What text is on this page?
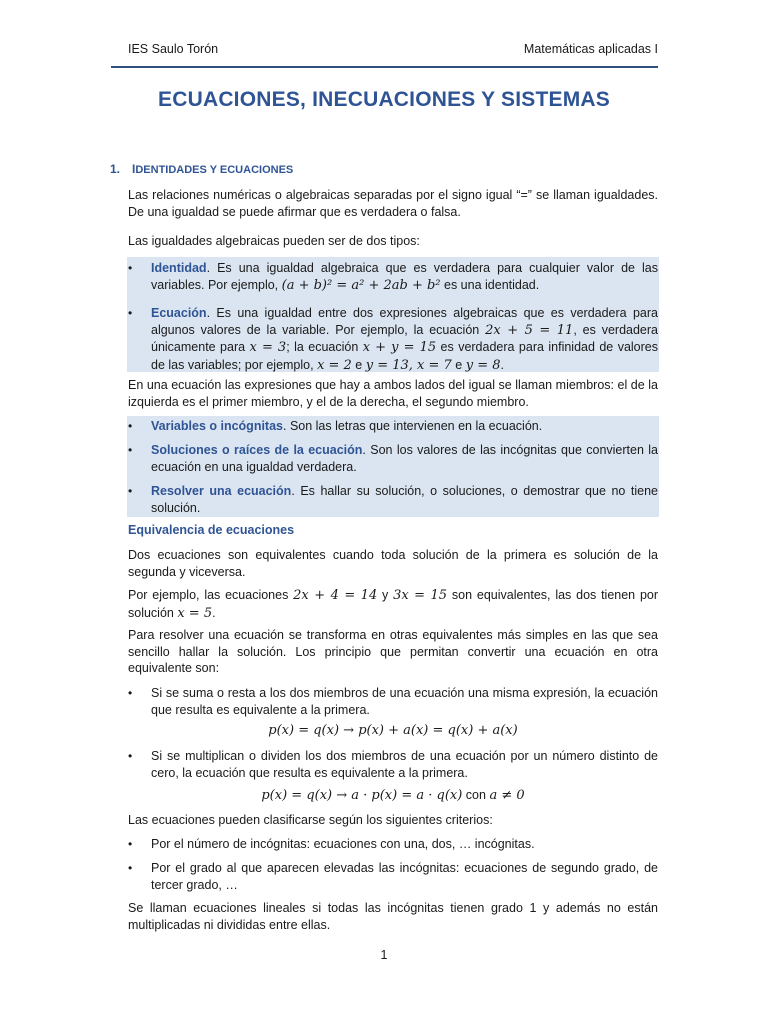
IES Saulo Torón	Matemáticas aplicadas I
ECUACIONES, INECUACIONES Y SISTEMAS
1. IDENTIDADES Y ECUACIONES

Las relaciones numéricas o algebraicas separadas por el signo igual “=” se llaman igualdades. De una igualdad se puede afirmar que es verdadera o falsa.

Las igualdades algebraicas pueden ser de dos tipos:

• Identidad. Es una igualdad algebraica que es verdadera para cualquier valor de las variables. Por ejemplo, (a + b)² = a² + 2ab + b² es una identidad.
• Ecuación. Es una igualdad entre dos expresiones algebraicas que es verdadera para algunos valores de la variable. Por ejemplo, la ecuación 2x + 5 = 11, es verdadera únicamente para x = 3; la ecuación x + y = 15 es verdadera para infinidad de valores de las variables; por ejemplo, x = 2 e y = 13, x = 7 e y = 8.

En una ecuación las expresiones que hay a ambos lados del igual se llaman miembros: el de la izquierda es el primer miembro, y el de la derecha, el segundo miembro.

• Variables o incógnitas. Son las letras que intervienen en la ecuación.
• Soluciones o raíces de la ecuación. Son los valores de las incógnitas que convierten la ecuación en una igualdad verdadera.
• Resolver una ecuación. Es hallar su solución, o soluciones, o demostrar que no tiene solución.
Equivalencia de ecuaciones

Dos ecuaciones son equivalentes cuando toda solución de la primera es solución de la segunda y viceversa.

Por ejemplo, las ecuaciones 2x + 4 = 14 y 3x = 15 son equivalentes, las dos tienen por solución x = 5.

Para resolver una ecuación se transforma en otras equivalentes más simples en las que sea sencillo hallar la solución. Los principio que permitan convertir una ecuación en otra equivalente son:

• Si se suma o resta a los dos miembros de una ecuación una misma expresión, la ecuación que resulta es equivalente a la primera.
p(x) = q(x) → p(x) + a(x) = q(x) + a(x)
• Si se multiplican o dividen los dos miembros de una ecuación por un número distinto de cero, la ecuación que resulta es equivalente a la primera.
p(x) = q(x) → a · p(x) = a · q(x) con a ≠ 0

Las ecuaciones pueden clasificarse según los siguientes criterios:

• Por el número de incógnitas: ecuaciones con una, dos, … incógnitas.
• Por el grado al que aparecen elevadas las incógnitas: ecuaciones de segundo grado, de tercer grado, …

Se llaman ecuaciones lineales si todas las incógnitas tienen grado 1 y además no están multiplicadas ni divididas entre ellas.

1
